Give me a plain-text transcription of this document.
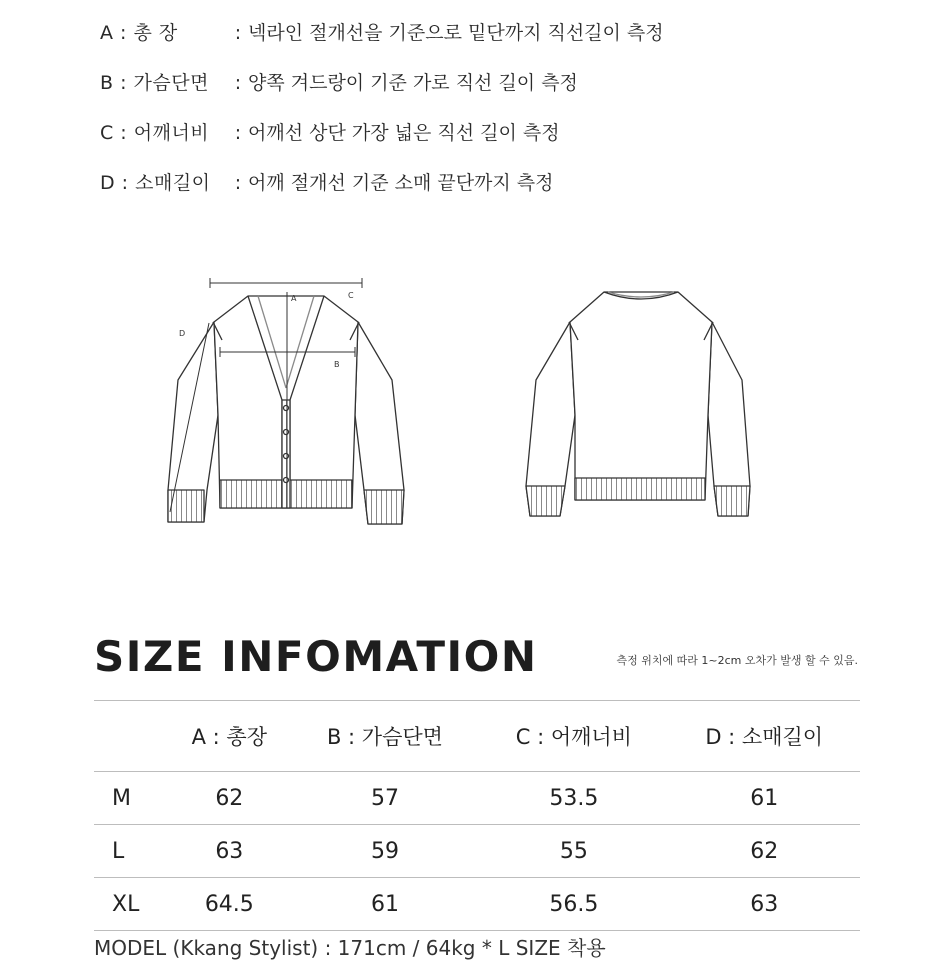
A : 총 장	: 넥라인 절개선을 기준으로 밑단까지 직선길이 측정
B : 가슴단면	: 양쪽 겨드랑이 기준 가로 직선 길이 측정
C : 어깨너비	: 어깨선 상단 가장 넓은 직선 길이 측정
D : 소매길이	: 어깨 절개선 기준 소매 끝단까지 측정
A
B
C
D
SIZE INFOMATION	측정 위치에 따라 1~2cm 오차가 발생 할 수 있음.
	A : 총장	B : 가슴단면	C : 어깨너비	D : 소매길이
M	62	57	53.5	61
L	63	59	55	62
XL	64.5	61	56.5	63
MODEL (Kkang Stylist) : 171cm / 64kg * L SIZE 착용
